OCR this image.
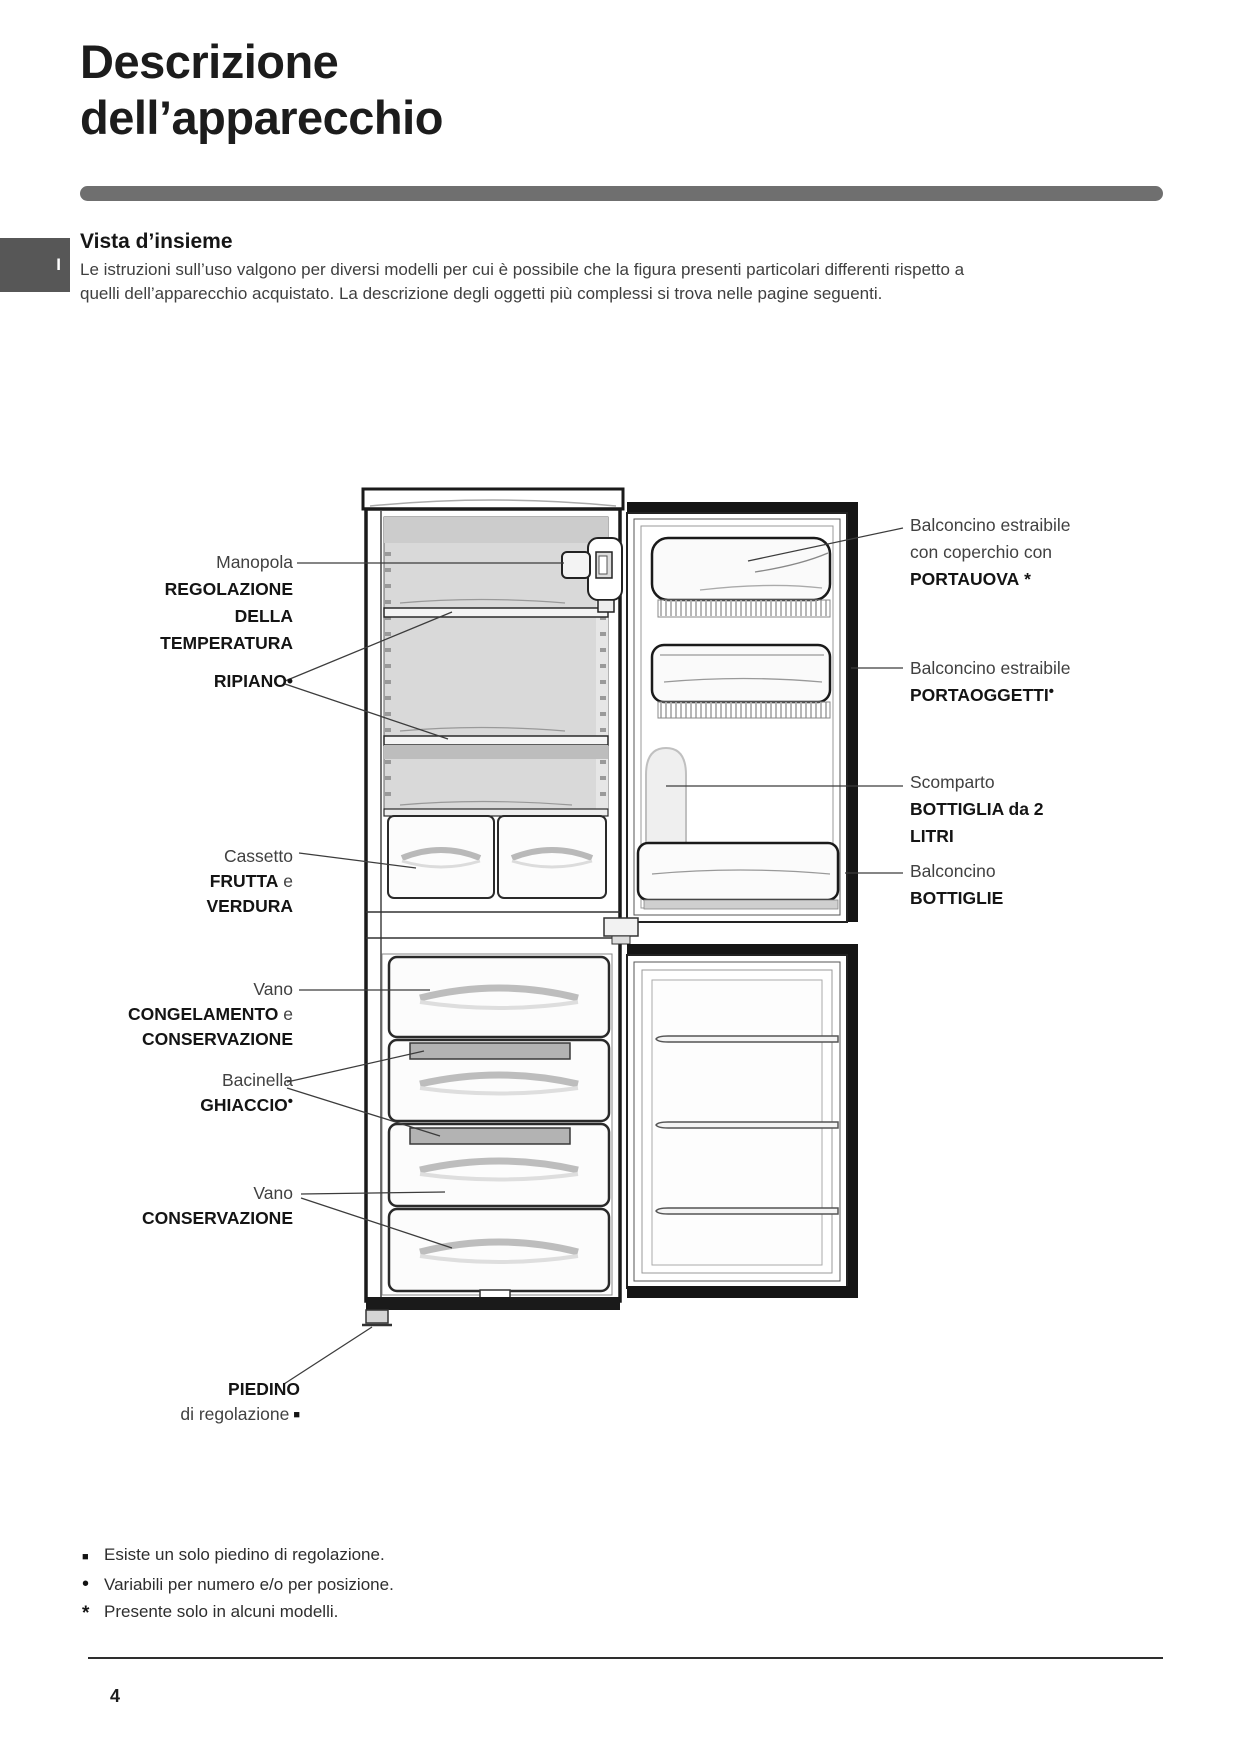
Descrizione
dell’apparecchio
I
Vista d’insieme
Le istruzioni sull’uso valgono per diversi modelli per cui è possibile che la figura presenti particolari differenti rispetto a
quelli dell’apparecchio acquistato. La descrizione degli oggetti più complessi si trova nelle pagine seguenti.
Manopola
REGOLAZIONE
DELLA
TEMPERATURA
RIPIANO•
Cassetto
FRUTTA e
VERDURA
Vano
CONGELAMENTO e
CONSERVAZIONE
Bacinella
GHIACCIO•
Vano
CONSERVAZIONE
PIEDINO
di regolazione ■
Balconcino estraibile
con coperchio con
PORTAUOVA *
Balconcino estraibile
PORTAOGGETTI•
Scomparto
BOTTIGLIA da 2
LITRI
Balconcino
BOTTIGLIE
■ Esiste un solo piedino di regolazione.
• Variabili per numero e/o per posizione.
* Presente solo in alcuni modelli.
4
